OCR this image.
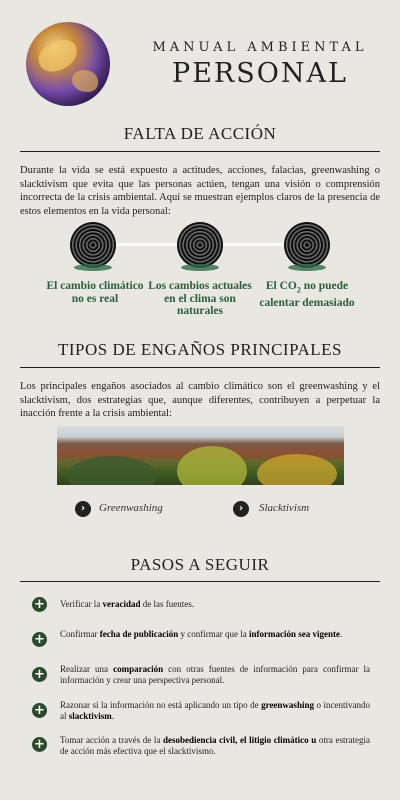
MANUAL AMBIENTAL
PERSONAL
FALTA DE ACCIÓN
Durante la vida se está expuesto a actitudes, acciones, falacias, greenwashing o slacktivism que evita que las personas actúen, tengan una visión o comprensión incorrecta de la crisis ambiental. Aquí se muestran ejemplos claros de la presencia de estos elementos en la vida personal:
El cambio climático no es real
Los cambios actuales en el clima son naturales
El $CO_2$ no puede calentar demasiado
TIPOS DE ENGAÑOS PRINCIPALES
Los principales engaños asociados al cambio climático son el greenwashing y el slacktivism, dos estrategias que, aunque diferentes, contribuyen a perpetuar la inacción frente a la crisis ambiental:
›	Greenwashing	›	Slacktivism
PASOS A SEGUIR
+ Verificar la veracidad de las fuentes.
+ Confirmar fecha de publicación y confirmar que la información sea vigente.
+ Realizar una comparación con otras fuentes de información para confirmar la información y crear una perspectiva personal.
+ Razonar si la información no está aplicando un tipo de greenwashing o incentivando al slacktivism.
+ Tomar acción a través de la desobediencia civil, el litigio climático u otra estrategia de acción más efectiva que el slacktivismo.
